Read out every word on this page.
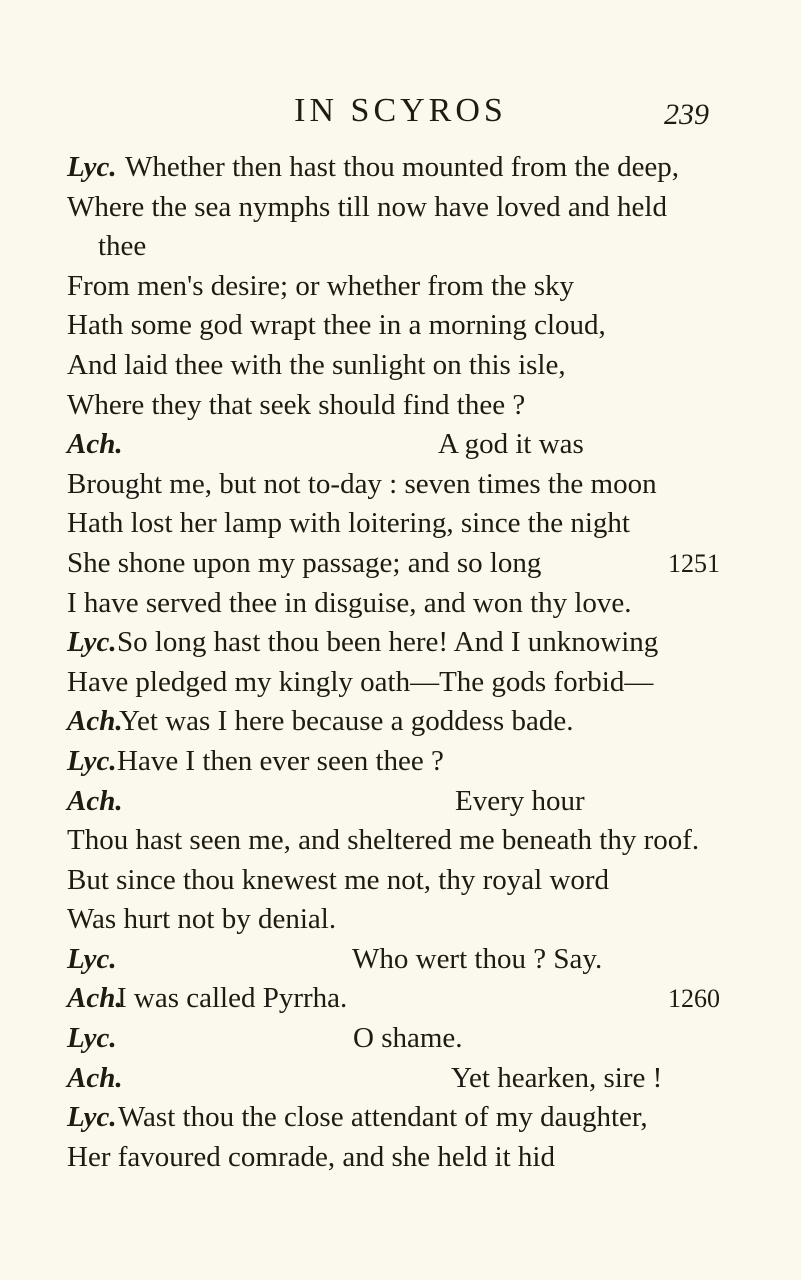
IN SCYROS	239
Lyc. Whether then hast thou mounted from the deep,
Where the sea nymphs till now have loved and held
thee
From men's desire; or whether from the sky
Hath some god wrapt thee in a morning cloud,
And laid thee with the sunlight on this isle,
Where they that seek should find thee ?
Ach.	A god it was
Brought me, but not to-day : seven times the moon
Hath lost her lamp with loitering, since the night
She shone upon my passage; and so long	1251
I have served thee in disguise, and won thy love.
Lyc. So long hast thou been here! And I unknowing
Have pledged my kingly oath—The gods forbid—
Ach.
Yet was I here because a goddess bade.
Lyc. Have I then ever seen thee ?
Ach.	Every hour
Thou hast seen me, and sheltered me beneath thy roof.
But since thou knewest me not, thy royal word
Was hurt not by denial.
Lyc.	Who wert thou ? Say.
Ach.
I was called Pyrrha.	1260
Lyc.	O shame.
Ach.	Yet hearken, sire !
Lyc. Wast thou the close attendant of my daughter,
Her favoured comrade, and she held it hid
